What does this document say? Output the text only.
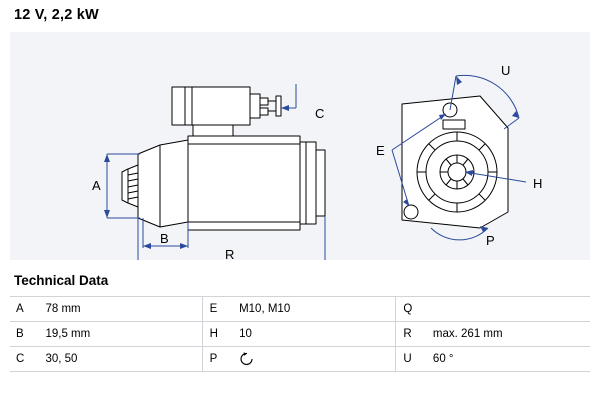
12 V, 2,2 kW
A
B
R
C
E
U
H
P
Technical Data
A	78 mm		E	M10, M10		Q	
B	19,5 mm		H	10		R	max. 261 mm
C	30, 50		P			U	60 °
